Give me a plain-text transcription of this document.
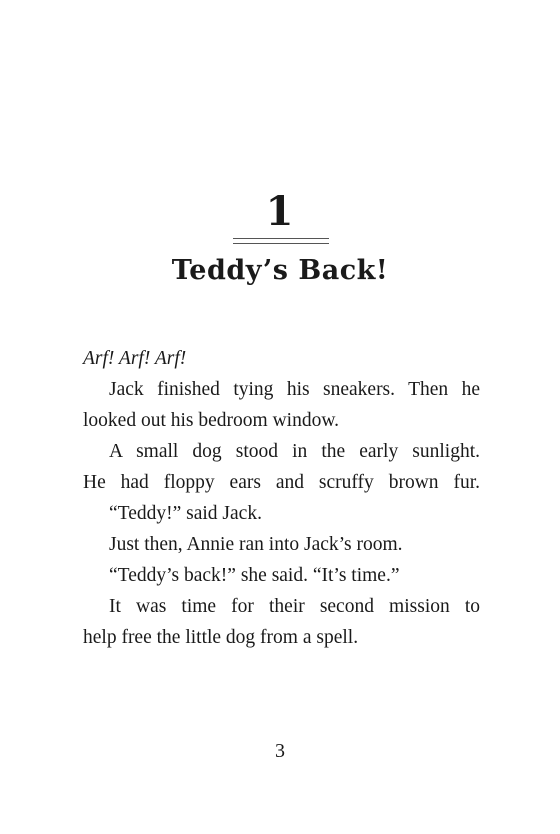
1
Teddy’s Back!
Arf! Arf! Arf!
Jack finished tying his sneakers. Then he
looked out his bedroom window.
A small dog stood in the early sunlight.
He had floppy ears and scruffy brown fur.
“Teddy!” said Jack.
Just then, Annie ran into Jack’s room.
“Teddy’s back!” she said. “It’s time.”
It was time for their second mission to
help free the little dog from a spell.
3
